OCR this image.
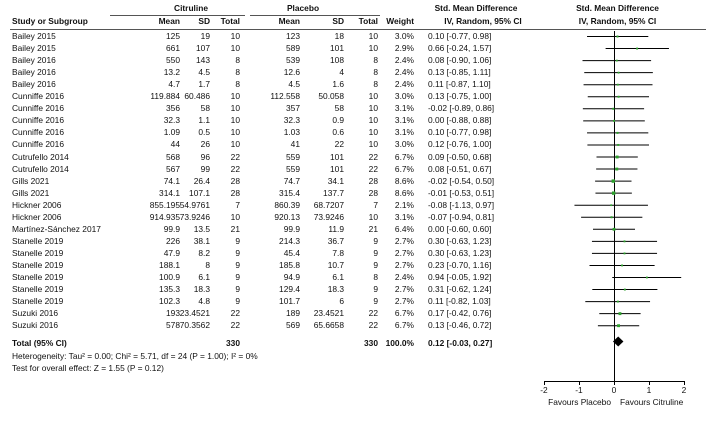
Citruline	Placebo	Std. Mean Difference	Std. Mean Difference
Study or Subgroup	Mean	SD	Total	Mean	SD	Total Weight	IV, Random, 95% CI	IV, Random, 95% CI
Bailey 2015	125	19	10	123	18	10	3.0% 0.10 [-0.77, 0.98]
Bailey 2015	661	107	10	589	101	10	2.9% 0.66 [-0.24, 1.57]
Bailey 2016	550	143	8	539	108	8	2.4% 0.08 [-0.90, 1.06]
Bailey 2016	13.2	4.5	8	12.6	4	8	2.4% 0.13 [-0.85, 1.11]
Bailey 2016	4.7	1.7	8	4.5	1.6	8	2.4% 0.11 [-0.87, 1.10]
Cunniffe 2016	119.884 60.486	10	112.558	50.058	10	3.0% 0.13 [-0.75, 1.00]
Cunniffe 2016	356	58	10	357	58	10	3.1% -0.02 [-0.89, 0.86]
Cunniffe 2016	32.3	1.1	10	32.3	0.9	10	3.1% 0.00 [-0.88, 0.88]
Cunniffe 2016	1.09	0.5	10	1.03	0.6	10	3.1% 0.10 [-0.77, 0.98]
Cunniffe 2016	44	26	10	41	22	10	3.0% 0.12 [-0.76, 1.00]
Cutrufello 2014	568	96	22	559	101	22	6.7% 0.09 [-0.50, 0.68]
Cutrufello 2014	567	99	22	559	101	22	6.7% 0.08 [-0.51, 0.67]
Gills 2021	74.1	26.4	28	74.7	34.1	28	8.6% -0.02 [-0.54, 0.50]
Gills 2021	314.1	107.1	28	315.4	137.7	28	8.6% -0.01 [-0.53, 0.51]
Hickner 2006	855.195 54.9761	7	860.39	68.7207	7	2.1% -0.08 [-1.13, 0.97]
Hickner 2006	914.935 73.9246	10	920.13	73.9246	10	3.1% -0.07 [-0.94, 0.81]
Martínez-Sánchez 2017	99.9	13.5	21	99.9	11.9	21	6.4% 0.00 [-0.60, 0.60]
Stanelle 2019	226	38.1	9	214.3	36.7	9	2.7% 0.30 [-0.63, 1.23]
Stanelle 2019	47.9	8.2	9	45.4	7.8	9	2.7% 0.30 [-0.63, 1.23]
Stanelle 2019	188.1	8	9	185.8	10.7	9	2.7% 0.23 [-0.70, 1.16]
Stanelle 2019	100.9	6.1	9	94.9	6.1	8	2.4% 0.94 [-0.05, 1.92]
Stanelle 2019	135.3	18.3	9	129.4	18.3	9	2.7% 0.31 [-0.62, 1.24]
Stanelle 2019	102.3	4.8	9	101.7	6	9	2.7% 0.11 [-0.82, 1.03]
Suzuki 2016	193 23.4521	22	189	23.4521	22	6.7% 0.17 [-0.42, 0.76]
Suzuki 2016	578 70.3562	22	569	65.6658	22	6.7% 0.13 [-0.46, 0.72]
Total (95% CI)	330	330 100.0% 0.12 [-0.03, 0.27]
Heterogeneity: Tau² = 0.00; Chi² = 5.71, df = 24 (P = 1.00); I² = 0%
Test for overall effect: Z = 1.55 (P = 0.12)
-2	-1	0	1	2
Favours Placebo Favours Citruline
